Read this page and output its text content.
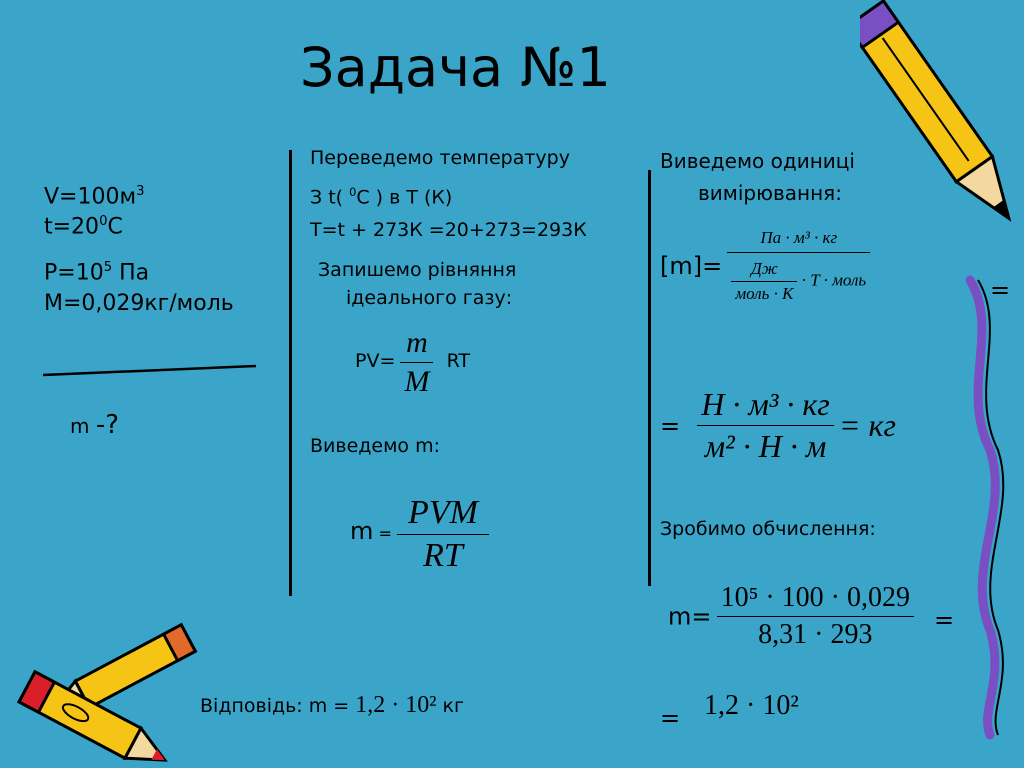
Задача №1
$V=100м^3$
$t=20^0С$
$P=10^5$ Па
M=0,029кг/моль
m -?
Переведемо температуру
З t( $^0$С ) в Т (К)
T=t + 273К =20+273=293К
Запишемо рівняння
ідеального газу:
$PV= \frac{m}{M}$ RT
Виведемо m:
$m = \frac{\text{PVM}}{RT}$
Виведемо одиниці
вимірювання:
$[m]= \frac{\text{Па · м³ · кг}}{\frac{Дж}{\text{моль · К}} \cdot T \cdot моль}$	=
= $\frac{\text{Н · м³ · кг}}{\text{м² · Н · м}}$ = кг
Зробимо обчислення:
$m= \frac{\text{10⁵ · 100 · 0,029}}{8,31 \cdot 293}$ =
= 1,2 · 10²
Відповідь: m = 1,2 · 10² кг
